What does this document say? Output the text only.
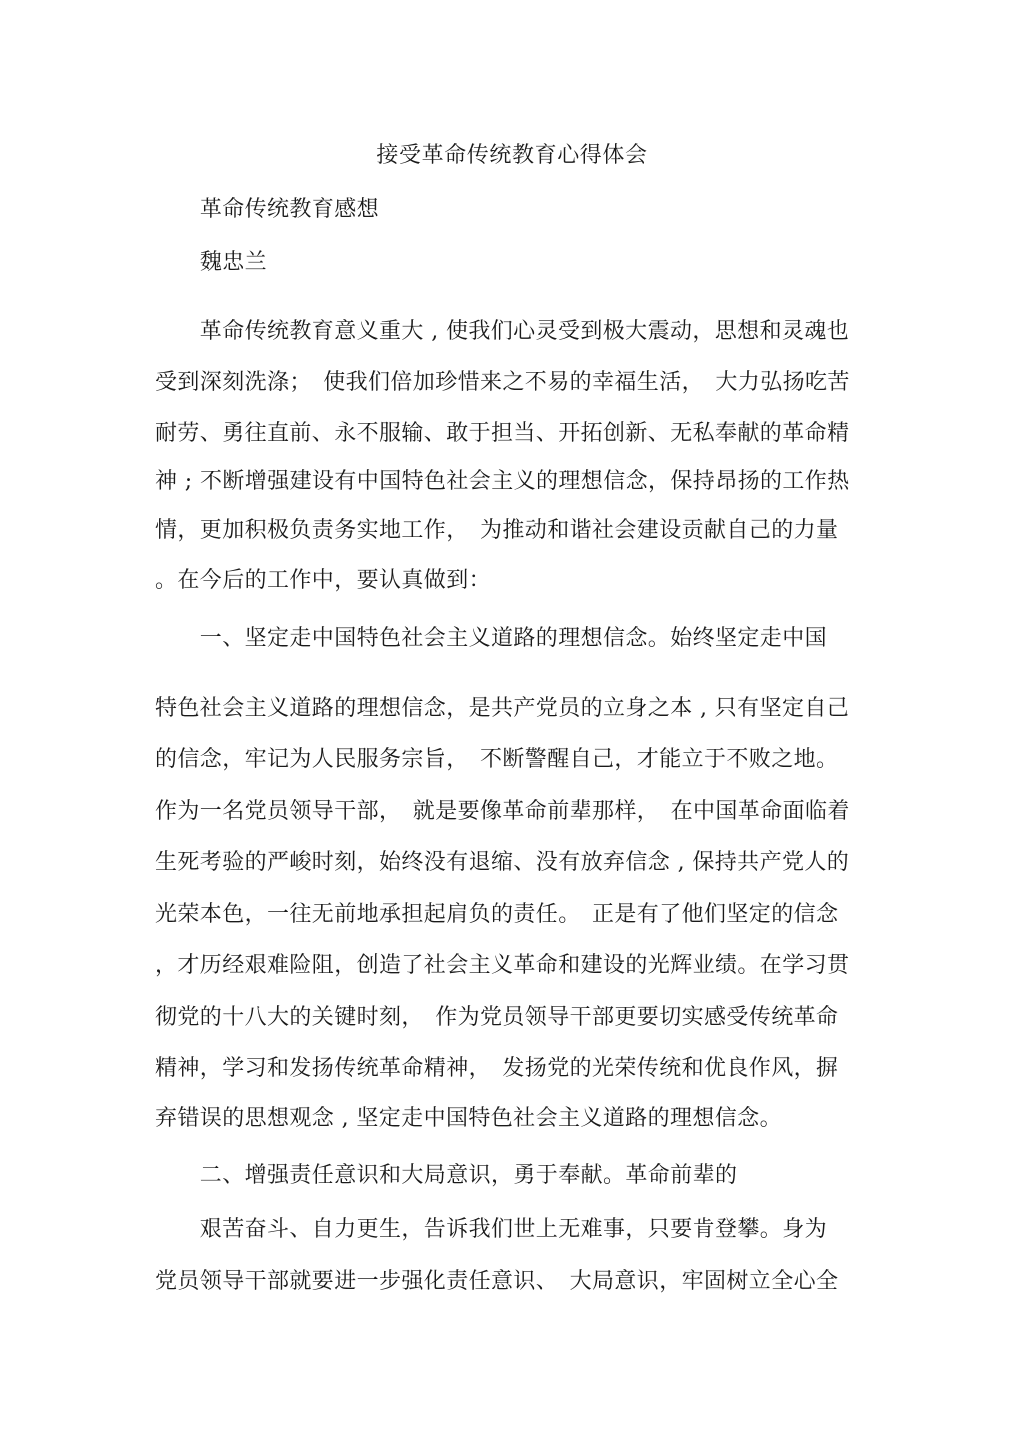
接受革命传统教育心得体会
　　革命传统教育感想
　　魏忠兰
　　革命传统教育意义重大 , 使我们心灵受到极大震动，思想和灵魂也
受到深刻洗涤；　使我们倍加珍惜来之不易的幸福生活，　大力弘扬吃苦
耐劳、勇往直前、永不服输、敢于担当、开拓创新、无私奉献的革命精
神 ; 不断增强建设有中国特色社会主义的理想信念，保持昂扬的工作热
情，更加积极负责务实地工作，　为推动和谐社会建设贡献自己的力量
。在今后的工作中，要认真做到：
　　一、坚定走中国特色社会主义道路的理想信念。始终坚定走中国
特色社会主义道路的理想信念，是共产党员的立身之本 , 只有坚定自己
的信念，牢记为人民服务宗旨，　不断警醒自己，才能立于不败之地。
作为一名党员领导干部，　就是要像革命前辈那样，　在中国革命面临着
生死考验的严峻时刻，始终没有退缩、没有放弃信念 , 保持共产党人的
光荣本色，一往无前地承担起肩负的责任。　正是有了他们坚定的信念
，才历经艰难险阻，创造了社会主义革命和建设的光辉业绩。在学习贯
彻党的十八大的关键时刻，　作为党员领导干部更要切实感受传统革命
精神，学习和发扬传统革命精神，　发扬党的光荣传统和优良作风，摒
弃错误的思想观念 , 坚定走中国特色社会主义道路的理想信念。
　　二、增强责任意识和大局意识，勇于奉献。革命前辈的
　　艰苦奋斗、自力更生，告诉我们世上无难事，只要肯登攀。身为
党员领导干部就要进一步强化责任意识、　大局意识，牢固树立全心全
